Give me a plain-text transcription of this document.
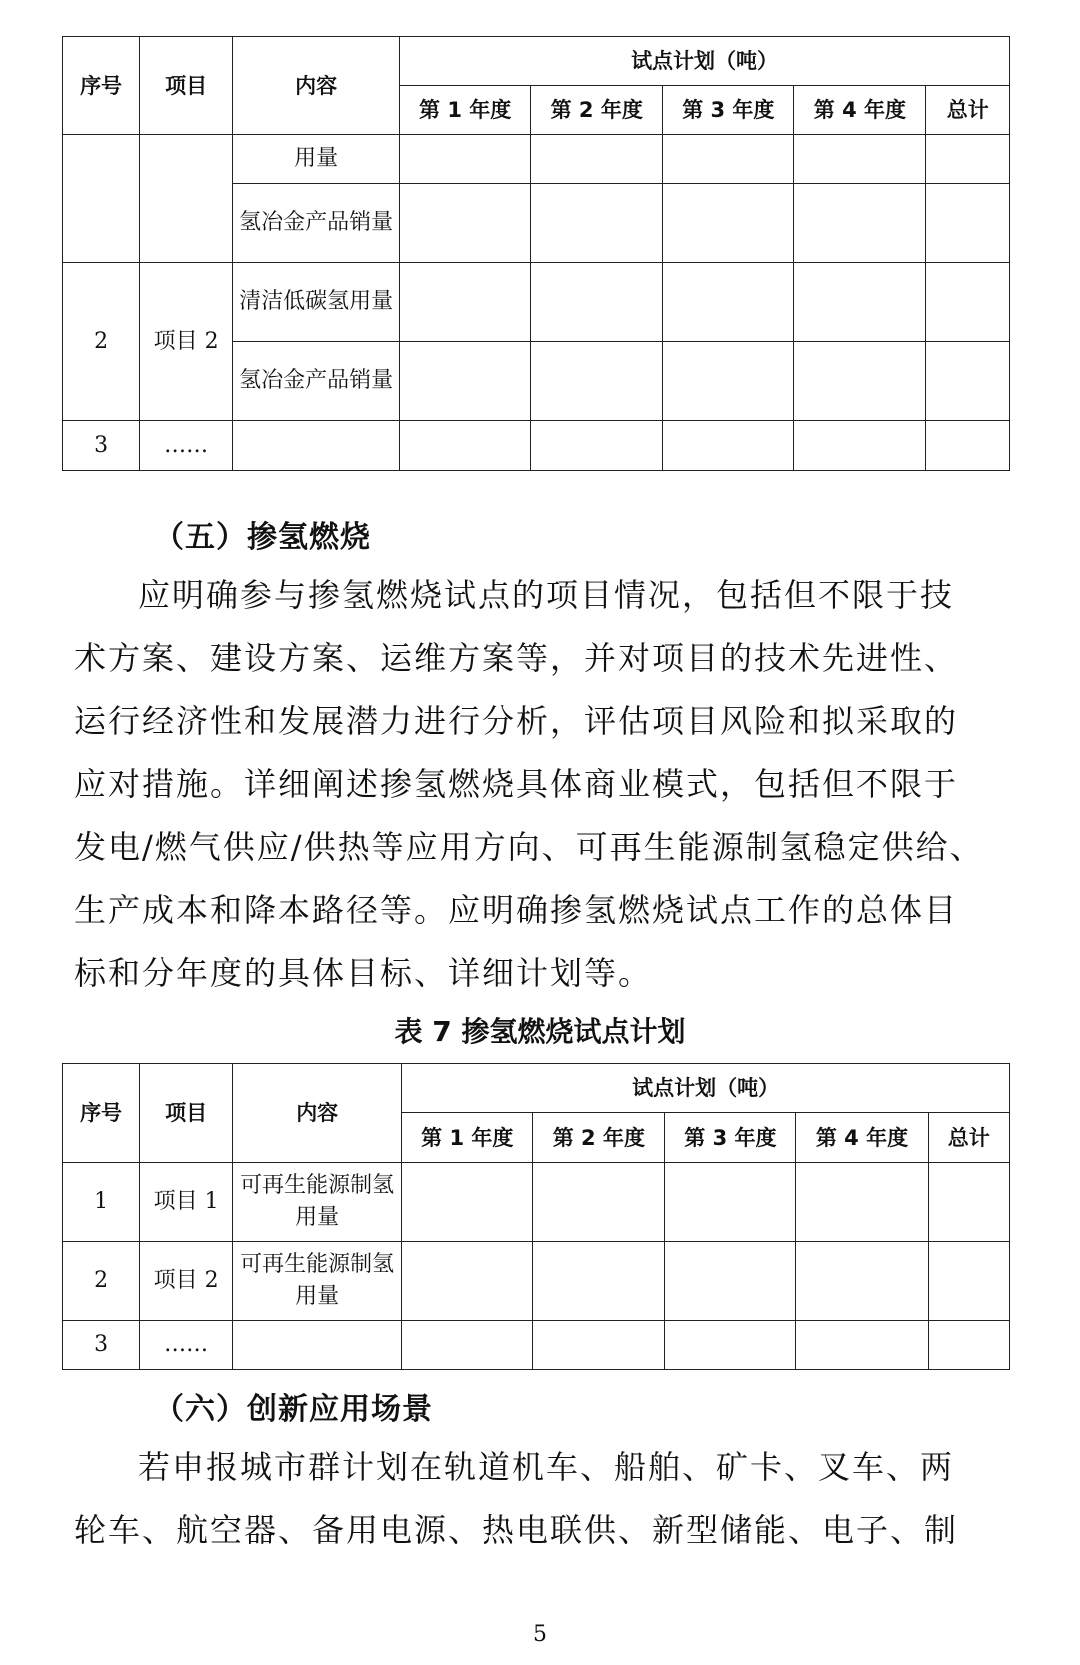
序号	项目	内容	试点计划（吨）				
			第 1 年度	第 2 年度	第 3 年度	第 4 年度	总计
		用量					
		氢冶金产品销量					
2	项目 2	清洁低碳氢用量					
		氢冶金产品销量					
3	……						
（五）掺氢燃烧
应明确参与掺氢燃烧试点的项目情况，包括但不限于技
术方案、建设方案、运维方案等，并对项目的技术先进性、
运行经济性和发展潜力进行分析，评估项目风险和拟采取的
应对措施。详细阐述掺氢燃烧具体商业模式，包括但不限于
发电/燃气供应/供热等应用方向、可再生能源制氢稳定供给、
生产成本和降本路径等。应明确掺氢燃烧试点工作的总体目
标和分年度的具体目标、详细计划等。
表 7 掺氢燃烧试点计划
序号	项目	内容	试点计划（吨）				
			第 1 年度	第 2 年度	第 3 年度	第 4 年度	总计
1	项目 1	可再生能源制氢用量					
2	项目 2	可再生能源制氢用量					
3	……						
（六）创新应用场景
若申报城市群计划在轨道机车、船舶、矿卡、叉车、两
轮车、航空器、备用电源、热电联供、新型储能、电子、制
5
